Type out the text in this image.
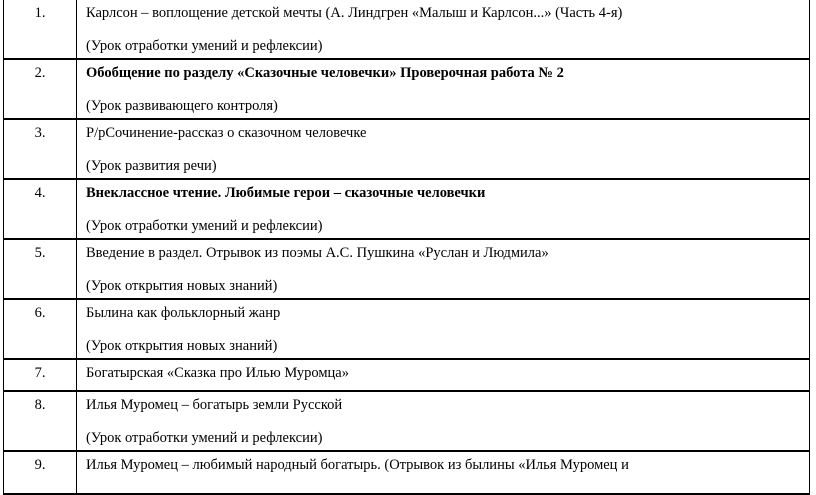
1.	Карлсон – воплощение детской мечты (А. Линдгрен «Малыш и Карлсон...» (Часть 4-я)
(Урок отработки умений и рефлексии)

2.	Обобщение по разделу «Сказочные человечки» Проверочная работа № 2
(Урок развивающего контроля)

3.	Р/рСочинение-рассказ о сказочном человечке
(Урок развития речи)

4.	Внеклассное чтение. Любимые герои – сказочные человечки
(Урок отработки умений и рефлексии)

5.	Введение в раздел. Отрывок из поэмы А.С. Пушкина «Руслан и Людмила»
(Урок открытия новых знаний)

6.	Былина как фольклорный жанр
(Урок открытия новых знаний)

7.	Богатырская «Сказка про Илью Муромца»

8.	Илья Муромец – богатырь земли Русской
(Урок отработки умений и рефлексии)

9.	Илья Муромец – любимый народный богатырь. (Отрывок из былины «Илья Муромец и
